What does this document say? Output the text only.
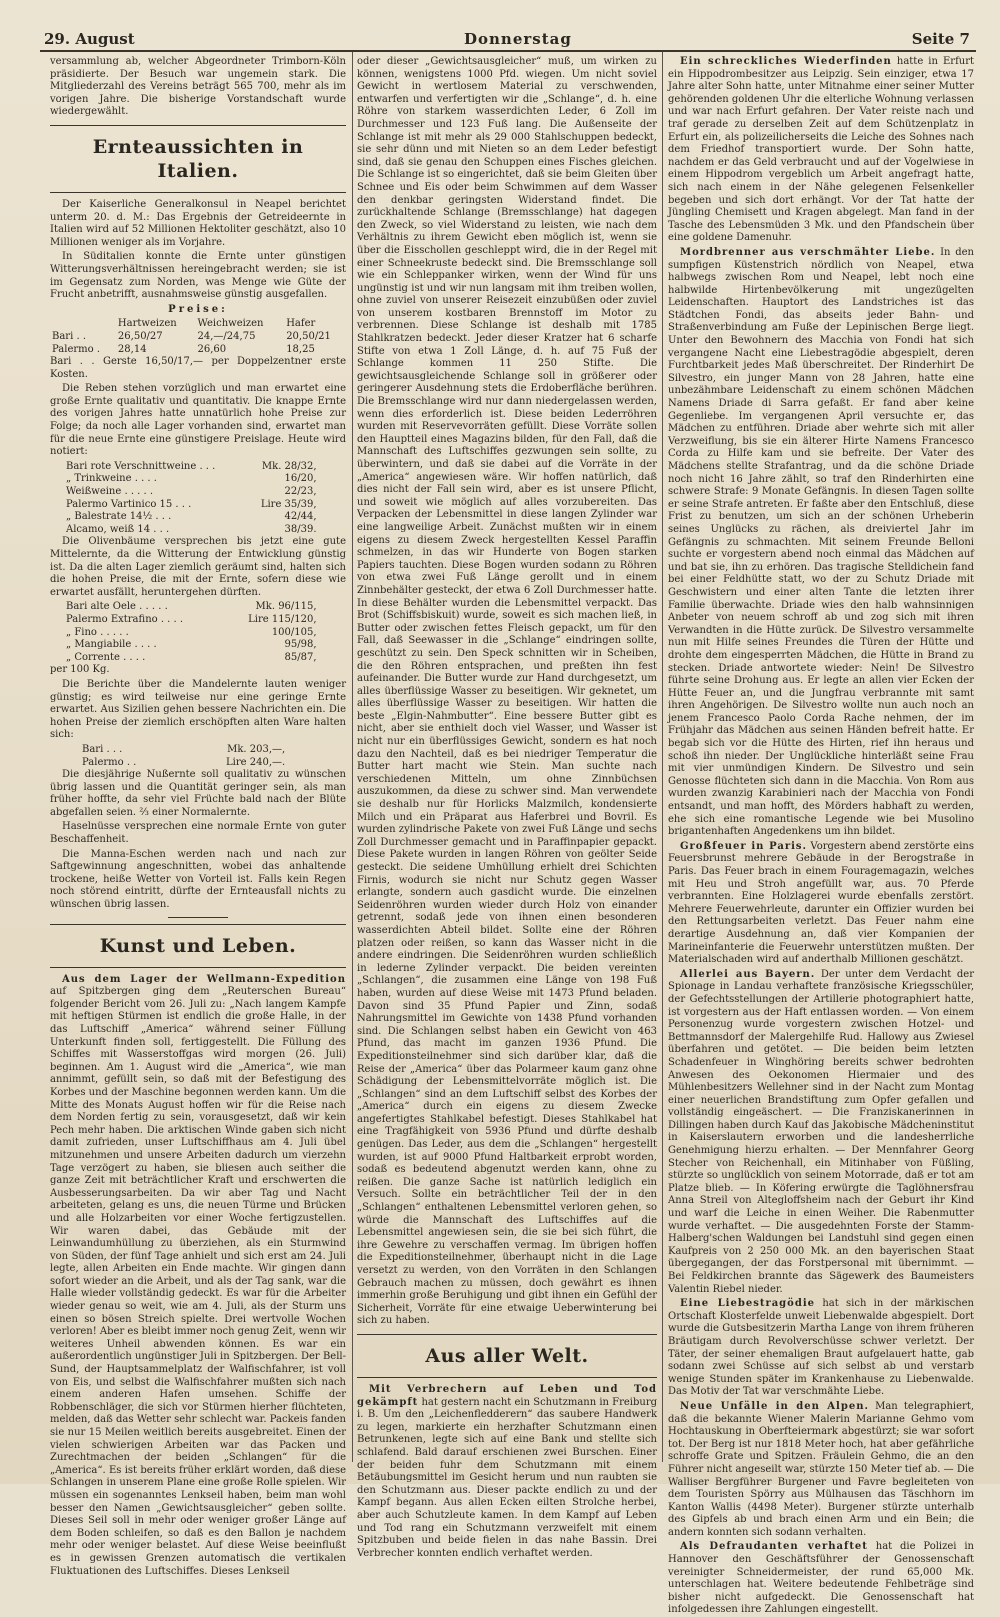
29. August	Donnerstag	Seite 7

versammlung ab, welcher Abgeordneter Trimborn-Köln präsidierte. Der Besuch war ungemein stark. Die Mitgliederzahl des Vereins beträgt 565 700, mehr als im vorigen Jahre. Die bisherige Vorstandschaft wurde wiedergewählt.

Ernteaussichten in Italien.

Der Kaiserliche Generalkonsul in Neapel berichtet unterm 20. d. M.: Das Ergebnis der Getreideernte in Italien wird auf 52 Millionen Hektoliter geschätzt, also 10 Millionen weniger als im Vorjahre.

In Süditalien konnte die Ernte unter günstigen Witterungsverhältnissen hereingebracht werden; sie ist im Gegensatz zum Norden, was Menge wie Güte der Frucht anbetrifft, ausnahmsweise günstig ausgefallen.

Preise:

	Hartweizen	Weichweizen	Hafer
Bari . .	26,50/27	24,—/24,75	20,50/21
Palermo .	28,14	26,60	18,25

Bari . . Gerste 16,50/17,— per Doppelzentner erste Kosten.

Die Reben stehen vorzüglich und man erwartet eine große Ernte qualitativ und quantitativ. Die knappe Ernte des vorigen Jahres hatte unnatürlich hohe Preise zur Folge; da noch alle Lager vorhanden sind, erwartet man für die neue Ernte eine günstigere Preislage. Heute wird notiert:

Bari rote Verschnittweine . . .	Mk. 28/32,
„ Trinkweine . . . .	16/20,
Weißweine . . . . .	22/23,
Palermo Vartinico 15 . . .	Lire 35/39,
„ Balestrate 14½ . . .	42/44,
Alcamo, weiß 14 . . .	38/39.

Die Olivenbäume versprechen bis jetzt eine gute Mittelernte, da die Witterung der Entwicklung günstig ist. Da die alten Lager ziemlich geräumt sind, halten sich die hohen Preise, die mit der Ernte, sofern diese wie erwartet ausfällt, heruntergehen dürften.

Bari alte Oele . . . . .	Mk. 96/115,
Palermo Extrafino . . . .	Lire 115/120,
„ Fino . . . . .	100/105,
„ Mangiabile . . . .	95/98,
„ Corrente . . . .	85/87,

per 100 Kg.

Die Berichte über die Mandelernte lauten weniger günstig; es wird teilweise nur eine geringe Ernte erwartet. Aus Sizilien gehen bessere Nachrichten ein. Die hohen Preise der ziemlich erschöpften alten Ware halten sich:

Bari . . .	Mk. 203,—,
Palermo . .	Lire 240,—.

Die diesjährige Nußernte soll qualitativ zu wünschen übrig lassen und die Quantität geringer sein, als man früher hoffte, da sehr viel Früchte bald nach der Blüte abgefallen seien. ⅔ einer Normalernte.

Haselnüsse versprechen eine normale Ernte von guter Beschaffenheit.

Die Manna-Eschen werden nach und nach zur Saftgewinnung angeschnitten, wobei das anhaltende trockene, heiße Wetter von Vorteil ist. Falls kein Regen noch störend eintritt, dürfte der Ernteausfall nichts zu wünschen übrig lassen.

Kunst und Leben.

Aus dem Lager der Wellmann-Expedition auf Spitzbergen ging dem „Reuterschen Bureau“ folgender Bericht vom 26. Juli zu: „Nach langem Kampfe mit heftigen Stürmen ist endlich die große Halle, in der das Luftschiff „America“ während seiner Füllung Unterkunft finden soll, fertiggestellt. Die Füllung des Schiffes mit Wasserstoffgas wird morgen (26. Juli) beginnen. Am 1. August wird die „America“, wie man annimmt, gefüllt sein, so daß mit der Befestigung des Korbes und der Maschine begonnen werden kann. Um die Mitte des Monats August hoffen wir für die Reise nach dem Norden fertig zu sein, vorausgesetzt, daß wir kein Pech mehr haben. Die arktischen Winde gaben sich nicht damit zufrieden, unser Luftschiffhaus am 4. Juli übel mitzunehmen und unsere Arbeiten dadurch um vierzehn Tage verzögert zu haben, sie bliesen auch seither die ganze Zeit mit beträchtlicher Kraft und erschwerten die Ausbesserungsarbeiten. Da wir aber Tag und Nacht arbeiteten, gelang es uns, die neuen Türme und Brücken und alle Holzarbeiten vor einer Woche fertigzustellen. Wir waren dabei, das Gebäude mit der Leinwandumhüllung zu überziehen, als ein Sturmwind von Süden, der fünf Tage anhielt und sich erst am 24. Juli legte, allen Arbeiten ein Ende machte. Wir gingen dann sofort wieder an die Arbeit, und als der Tag sank, war die Halle wieder vollständig gedeckt. Es war für die Arbeiter wieder genau so weit, wie am 4. Juli, als der Sturm uns einen so bösen Streich spielte. Drei wertvolle Wochen verloren! Aber es bleibt immer noch genug Zeit, wenn wir weiteres Unheil abwenden können. Es war ein außerordentlich ungünstiger Juli in Spitzbergen. Der Bell-Sund, der Hauptsammelplatz der Walfischfahrer, ist voll von Eis, und selbst die Walfischfahrer mußten sich nach einem anderen Hafen umsehen. Schiffe der Robbenschläger, die sich vor Stürmen hierher flüchteten, melden, daß das Wetter sehr schlecht war. Packeis fanden sie nur 15 Meilen weitlich bereits ausgebreitet. Einen der vielen schwierigen Arbeiten war das Packen und Zurechtmachen der beiden „Schlangen“ für die „America“. Es ist bereits früher erklärt worden, daß diese Schlangen in unserem Plane eine große Rolle spielen. Wir müssen ein sogenanntes Lenkseil haben, beim man wohl besser den Namen „Gewichtsausgleicher“ geben sollte. Dieses Seil soll in mehr oder weniger großer Länge auf dem Boden schleifen, so daß es den Ballon je nachdem mehr oder weniger belastet. Auf diese Weise beeinflußt es in gewissen Grenzen automatisch die vertikalen Fluktuationen des Luftschiffes. Dieses Lenkseil

oder dieser „Gewichtsausgleicher“ muß, um wirken zu können, wenigstens 1000 Pfd. wiegen. Um nicht soviel Gewicht in wertlosem Material zu verschwenden, entwarfen und verfertigten wir die „Schlange“, d. h. eine Röhre von starkem wasserdichten Leder, 6 Zoll im Durchmesser und 123 Fuß lang. Die Außenseite der Schlange ist mit mehr als 29 000 Stahlschuppen bedeckt, sie sehr dünn und mit Nieten so an dem Leder befestigt sind, daß sie genau den Schuppen eines Fisches gleichen. Die Schlange ist so eingerichtet, daß sie beim Gleiten über Schnee und Eis oder beim Schwimmen auf dem Wasser den denkbar geringsten Widerstand findet. Die zurückhaltende Schlange (Bremsschlange) hat dagegen den Zweck, so viel Widerstand zu leisten, wie nach dem Verhältnis zu ihrem Gewicht eben möglich ist, wenn sie über die Eisschollen geschleppt wird, die in der Regel mit einer Schneekruste bedeckt sind. Die Bremsschlange soll wie ein Schleppanker wirken, wenn der Wind für uns ungünstig ist und wir nun langsam mit ihm treiben wollen, ohne zuviel von unserer Reisezeit einzubüßen oder zuviel von unserem kostbaren Brennstoff im Motor zu verbrennen. Diese Schlange ist deshalb mit 1785 Stahlkratzen bedeckt. Jeder dieser Kratzer hat 6 scharfe Stifte von etwa 1 Zoll Länge, d. h. auf 75 Fuß der Schlange kommen 11 250 Stifte. Die gewichtsausgleichende Schlange soll in größerer oder geringerer Ausdehnung stets die Erdoberfläche berühren. Die Bremsschlange wird nur dann niedergelassen werden, wenn dies erforderlich ist. Diese beiden Lederröhren wurden mit Reservevorräten gefüllt. Diese Vorräte sollen den Hauptteil eines Magazins bilden, für den Fall, daß die Mannschaft des Luftschiffes gezwungen sein sollte, zu überwintern, und daß sie dabei auf die Vorräte in der „America“ angewiesen wäre. Wir hoffen natürlich, daß dies nicht der Fall sein wird, aber es ist unsere Pflicht, und soweit wie möglich auf alles vorzubereiten. Das Verpacken der Lebensmittel in diese langen Zylinder war eine langweilige Arbeit. Zunächst mußten wir in einem eigens zu diesem Zweck hergestellten Kessel Paraffin schmelzen, in das wir Hunderte von Bogen starken Papiers tauchten. Diese Bogen wurden sodann zu Röhren von etwa zwei Fuß Länge gerollt und in einem Zinnbehälter gesteckt, der etwa 6 Zoll Durchmesser hatte. In diese Behälter wurden die Lebensmittel verpackt. Das Brot (Schiffsbiskuit) wurde, soweit es sich machen ließ, in Butter oder zwischen fettes Fleisch gepackt, um für den Fall, daß Seewasser in die „Schlange“ eindringen sollte, geschützt zu sein. Den Speck schnitten wir in Scheiben, die den Röhren entsprachen, und preßten ihn fest aufeinander. Die Butter wurde zur Hand durchgesetzt, um alles überflüssige Wasser zu beseitigen. Wir geknetet, um alles überflüssige Wasser zu beseitigen. Wir hatten die beste „Elgin-Nahmbutter“. Eine bessere Butter gibt es nicht, aber sie enthielt doch viel Wasser, und Wasser ist nicht nur ein überflüssiges Gewicht, sondern es hat noch dazu den Nachteil, daß es bei niedriger Temperatur die Butter hart macht wie Stein. Man suchte nach verschiedenen Mitteln, um ohne Zinnbüchsen auszukommen, da diese zu schwer sind. Man verwendete sie deshalb nur für Horlicks Malzmilch, kondensierte Milch und ein Präparat aus Haferbrei und Bovril. Es wurden zylindrische Pakete von zwei Fuß Länge und sechs Zoll Durchmesser gemacht und in Paraffinpapier gepackt. Diese Pakete wurden in langen Röhren von geölter Seide gesteckt. Die seidene Umhüllung erhielt drei Schichten Firnis, wodurch sie nicht nur Schutz gegen Wasser erlangte, sondern auch gasdicht wurde. Die einzelnen Seidenröhren wurden wieder durch Holz von einander getrennt, sodaß jede von ihnen einen besonderen wasserdichten Abteil bildet. Sollte eine der Röhren platzen oder reißen, so kann das Wasser nicht in die andere eindringen. Die Seidenröhren wurden schließlich in lederne Zylinder verpackt. Die beiden vereinten „Schlangen“, die zusammen eine Länge von 198 Fuß haben, wurden auf diese Weise mit 1473 Pfund beladen. Davon sind 35 Pfund Papier und Zinn, sodaß Nahrungsmittel im Gewichte von 1438 Pfund vorhanden sind. Die Schlangen selbst haben ein Gewicht von 463 Pfund, das macht im ganzen 1936 Pfund. Die Expeditionsteilnehmer sind sich darüber klar, daß die Reise der „America“ über das Polarmeer kaum ganz ohne Schädigung der Lebensmittelvorräte möglich ist. Die „Schlangen“ sind an dem Luftschiff selbst des Korbes der „America“ durch ein eigens zu diesem Zwecke angefertigtes Stahlkabel befestigt. Dieses Stahlkabel hat eine Tragfähigkeit von 5936 Pfund und dürfte deshalb genügen. Das Leder, aus dem die „Schlangen“ hergestellt wurden, ist auf 9000 Pfund Haltbarkeit erprobt worden, sodaß es bedeutend abgenutzt werden kann, ohne zu reißen. Die ganze Sache ist natürlich lediglich ein Versuch. Sollte ein beträchtlicher Teil der in den „Schlangen“ enthaltenen Lebensmittel verloren gehen, so würde die Mannschaft des Luftschiffes auf die Lebensmittel angewiesen sein, die sie bei sich führt, die ihre Gewehre zu verschaffen vermag. Im übrigen hoffen die Expeditionsteilnehmer, überhaupt nicht in die Lage versetzt zu werden, von den Vorräten in den Schlangen Gebrauch machen zu müssen, doch gewährt es ihnen immerhin große Beruhigung und gibt ihnen ein Gefühl der Sicherheit, Vorräte für eine etwaige Ueberwinterung bei sich zu haben.

Aus aller Welt.

Mit Verbrechern auf Leben und Tod gekämpft hat gestern nacht ein Schutzmann in Freiburg i. B. Um den „Leichenfledderern“ das saubere Handwerk zu legen, markierte ein herzhafter Schutzmann einen Betrunkenen, legte sich auf eine Bank und stellte sich schlafend. Bald darauf erschienen zwei Burschen. Einer der beiden fuhr dem Schutzmann mit einem Betäubungsmittel im Gesicht herum und nun raubten sie den Schutzmann aus. Dieser packte endlich zu und der Kampf begann. Aus allen Ecken eilten Strolche herbei, aber auch Schutzleute kamen. In dem Kampf auf Leben und Tod rang ein Schutzmann verzweifelt mit einem Spitzbuben und beide fielen in das nahe Bassin. Drei Verbrecher konnten endlich verhaftet werden.

Ein schreckliches Wiederfinden hatte in Erfurt ein Hippodrombesitzer aus Leipzig. Sein einziger, etwa 17 Jahre alter Sohn hatte, unter Mitnahme einer seiner Mutter gehörenden goldenen Uhr die elterliche Wohnung verlassen und war nach Erfurt gefahren. Der Vater reiste nach und traf gerade zu derselben Zeit auf dem Schützenplatz in Erfurt ein, als polizeilicherseits die Leiche des Sohnes nach dem Friedhof transportiert wurde. Der Sohn hatte, nachdem er das Geld verbraucht und auf der Vogelwiese in einem Hippodrom vergeblich um Arbeit angefragt hatte, sich nach einem in der Nähe gelegenen Felsenkeller begeben und sich dort erhängt. Vor der Tat hatte der Jüngling Chemisett und Kragen abgelegt. Man fand in der Tasche des Lebensmüden 3 Mk. und den Pfandschein über eine goldene Damenuhr.

Mordbrenner aus verschmähter Liebe. In den sumpfigen Küstenstrich nördlich von Neapel, etwa halbwegs zwischen Rom und Neapel, lebt noch eine halbwilde Hirtenbevölkerung mit ungezügelten Leidenschaften. Hauptort des Landstriches ist das Städtchen Fondi, das abseits jeder Bahn- und Straßenverbindung am Fuße der Lepinischen Berge liegt. Unter den Bewohnern des Macchia von Fondi hat sich vergangene Nacht eine Liebestragödie abgespielt, deren Furchtbarkeit jedes Maß überschreitet. Der Rinderhirt De Silvestro, ein junger Mann von 28 Jahren, hatte eine unbezähmbare Leidenschaft zu einem schönen Mädchen Namens Driade di Sarra gefaßt. Er fand aber keine Gegenliebe. Im vergangenen April versuchte er, das Mädchen zu entführen. Driade aber wehrte sich mit aller Verzweiflung, bis sie ein älterer Hirte Namens Francesco Corda zu Hilfe kam und sie befreite. Der Vater des Mädchens stellte Strafantrag, und da die schöne Driade noch nicht 16 Jahre zählt, so traf den Rinderhirten eine schwere Strafe: 9 Monate Gefängnis. In diesen Tagen sollte er seine Strafe antreten. Er faßte aber den Entschluß, diese Frist zu benutzen, um sich an der schönen Urheberin seines Unglücks zu rächen, als dreiviertel Jahr im Gefängnis zu schmachten. Mit seinem Freunde Belloni suchte er vorgestern abend noch einmal das Mädchen auf und bat sie, ihn zu erhören. Das tragische Stelldichein fand bei einer Feldhütte statt, wo der zu Schutz Driade mit Geschwistern und einer alten Tante die letzten ihrer Familie überwachte. Driade wies den halb wahnsinnigen Anbeter von neuem schroff ab und zog sich mit ihren Verwandten in die Hütte zurück. De Silvestro versammelte nun mit Hilfe seines Freundes die Türen der Hütte und drohte dem eingesperrten Mädchen, die Hütte in Brand zu stecken. Driade antwortete wieder: Nein! De Silvestro führte seine Drohung aus. Er legte an allen vier Ecken der Hütte Feuer an, und die Jungfrau verbrannte mit samt ihren Angehörigen. De Silvestro wollte nun auch noch an jenem Francesco Paolo Corda Rache nehmen, der im Frühjahr das Mädchen aus seinen Händen befreit hatte. Er begab sich vor die Hütte des Hirten, rief ihn heraus und schoß ihn nieder. Der Unglückliche hinterläßt seine Frau mit vier unmündigen Kindern. De Silvestro und sein Genosse flüchteten sich dann in die Macchia. Von Rom aus wurden zwanzig Karabinieri nach der Macchia von Fondi entsandt, und man hofft, des Mörders habhaft zu werden, ehe sich eine romantische Legende wie bei Musolino brigantenhaften Angedenkens um ihn bildet.

Großfeuer in Paris. Vorgestern abend zerstörte eins Feuersbrunst mehrere Gebäude in der Berogstraße in Paris. Das Feuer brach in einem Fouragemagazin, welches mit Heu und Stroh angefüllt war, aus. 70 Pferde verbrannten. Eine Holzlagerei wurde ebenfalls zerstört. Mehrere Feuerwehrleute, darunter ein Offizier wurden bei den Rettungsarbeiten verletzt. Das Feuer nahm eine derartige Ausdehnung an, daß vier Kompanien der Marineinfanterie die Feuerwehr unterstützen mußten. Der Materialschaden wird auf anderthalb Millionen geschätzt.

Allerlei aus Bayern. Der unter dem Verdacht der Spionage in Landau verhaftete französische Kriegsschüler, der Gefechtsstellungen der Artillerie photographiert hatte, ist vorgestern aus der Haft entlassen worden. — Von einem Personenzug wurde vorgestern zwischen Hotzel- und Bettmannsdorf der Malergehilfe Rud. Hallowy aus Zwiesel überfahren und getötet. — Die beiden beim letzten Schadenfeuer in Winghöring bereits schwer bedrohten Anwesen des Oekonomen Hiermaier und des Mühlenbesitzers Wellehner sind in der Nacht zum Montag einer neuerlichen Brandstiftung zum Opfer gefallen und vollständig eingeäschert. — Die Franziskanerinnen in Dillingen haben durch Kauf das Jakobische Mädcheninstitut in Kaiserslautern erworben und die landesherrliche Genehmigung hierzu erhalten. — Der Mennfahrer Georg Stecher von Reichenhall, ein Mitinhaber von Füßling, stürzte so unglücklich von seinem Motorrade, daß er tot am Platze blieb. — In Köfering erwürgte die Taglöhnersfrau Anna Streil von Altegloffsheim nach der Geburt ihr Kind und warf die Leiche in einen Weiher. Die Rabenmutter wurde verhaftet. — Die ausgedehnten Forste der Stamm-Halberg'schen Waldungen bei Landstuhl sind gegen einen Kaufpreis von 2 250 000 Mk. an den bayerischen Staat übergegangen, der das Forstpersonal mit übernimmt. — Bei Feldkirchen brannte das Sägewerk des Baumeisters Valentin Riebel nieder.

Eine Liebestragödie hat sich in der märkischen Ortschaft Klosterfelde unweit Liebenwalde abgespielt. Dort wurde die Gutsbesitzerin Martha Lange von ihrem früheren Bräutigam durch Revolverschüsse schwer verletzt. Der Täter, der seiner ehemaligen Braut aufgelauert hatte, gab sodann zwei Schüsse auf sich selbst ab und verstarb wenige Stunden später im Krankenhause zu Liebenwalde. Das Motiv der Tat war verschmähte Liebe.

Neue Unfälle in den Alpen. Man telegraphiert, daß die bekannte Wiener Malerin Marianne Gehmo vom Hochtauskung in Oberfteiermark abgestürzt; sie war sofort tot. Der Berg ist nur 1818 Meter hoch, hat aber gefährliche schroffe Grate und Spitzen. Fräulein Gehmo, die an den Führer nicht angeseilt war, stürzte 150 Meter tief ab. — Die Walliser Bergführer Burgener und Favre begleiteten von dem Touristen Spörry aus Mülhausen das Täschhorn im Kanton Wallis (4498 Meter). Burgener stürzte unterhalb des Gipfels ab und brach einen Arm und ein Bein; die andern konnten sich sodann verhalten.

Als Defraudanten verhaftet hat die Polizei in Hannover den Geschäftsführer der Genossenschaft vereinigter Schneidermeister, der rund 65,000 Mk. unterschlagen hat. Weitere bedeutende Fehlbeträge sind bisher nicht aufgedeckt. Die Genossenschaft hat infolgedessen ihre Zahlungen eingestellt.
